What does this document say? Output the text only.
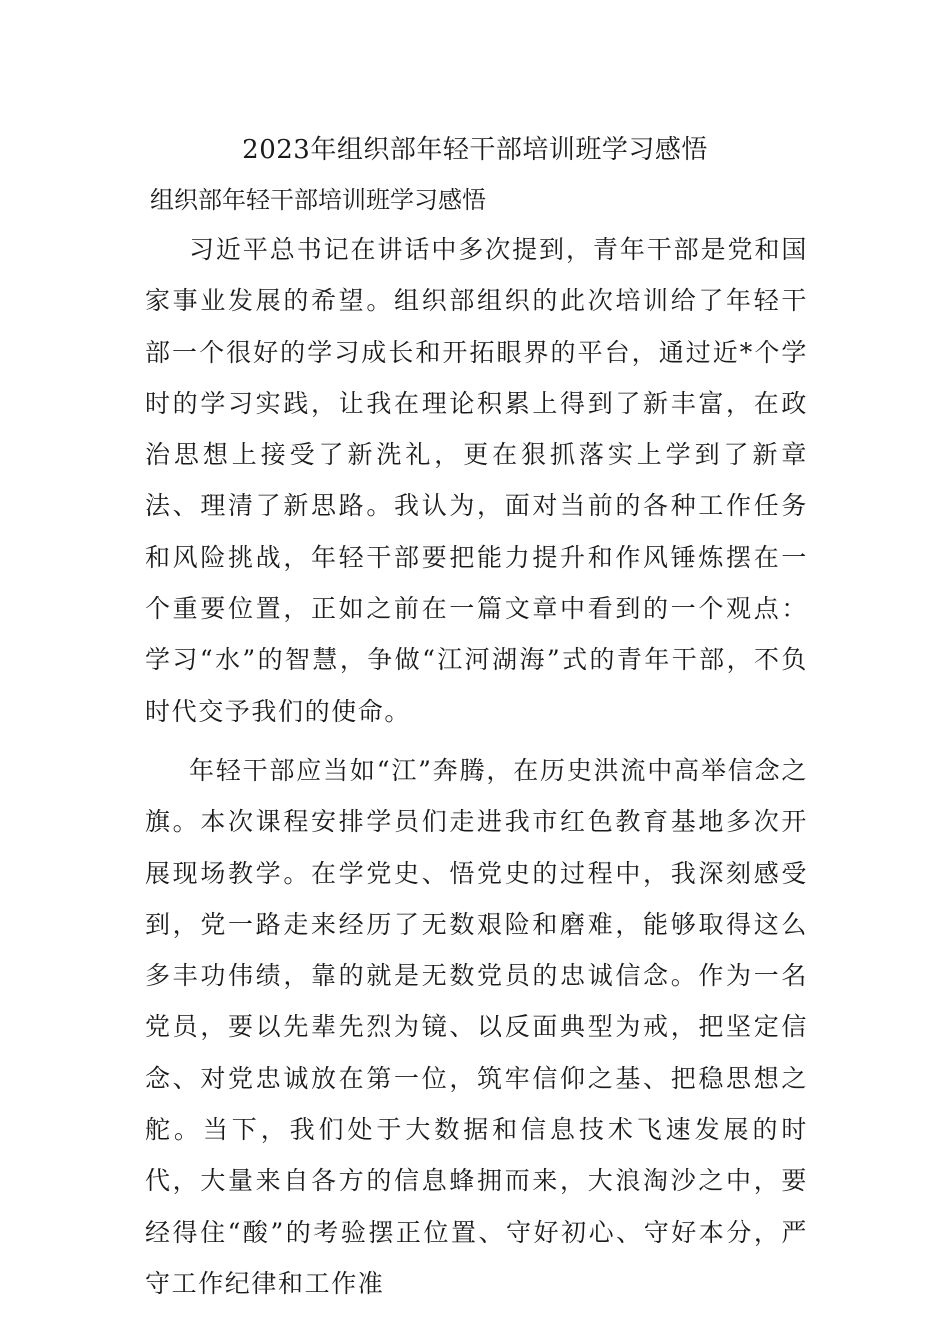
2023年组织部年轻干部培训班学习感悟
组织部年轻干部培训班学习感悟

习近平总书记在讲话中多次提到，青年干部是党和国家事业发展的希望。组织部组织的此次培训给了年轻干部一个很好的学习成长和开拓眼界的平台，通过近*个学时的学习实践，让我在理论积累上得到了新丰富，在政治思想上接受了新洗礼，更在狠抓落实上学到了新章法、理清了新思路。我认为，面对当前的各种工作任务和风险挑战，年轻干部要把能力提升和作风锤炼摆在一个重要位置，正如之前在一篇文章中看到的一个观点：学习“水”的智慧，争做“江河湖海”式的青年干部，不负时代交予我们的使命。

年轻干部应当如“江”奔腾，在历史洪流中高举信念之旗。本次课程安排学员们走进我市红色教育基地多次开展现场教学。在学党史、悟党史的过程中，我深刻感受到，党一路走来经历了无数艰险和磨难，能够取得这么多丰功伟绩，靠的就是无数党员的忠诚信念。作为一名党员，要以先辈先烈为镜、以反面典型为戒，把坚定信念、对党忠诚放在第一位，筑牢信仰之基、把稳思想之舵。当下，我们处于大数据和信息技术飞速发展的时代，大量来自各方的信息蜂拥而来，大浪淘沙之中，要经得住“酸”的考验摆正位置、守好初心、守好本分，严守工作纪律和工作准
